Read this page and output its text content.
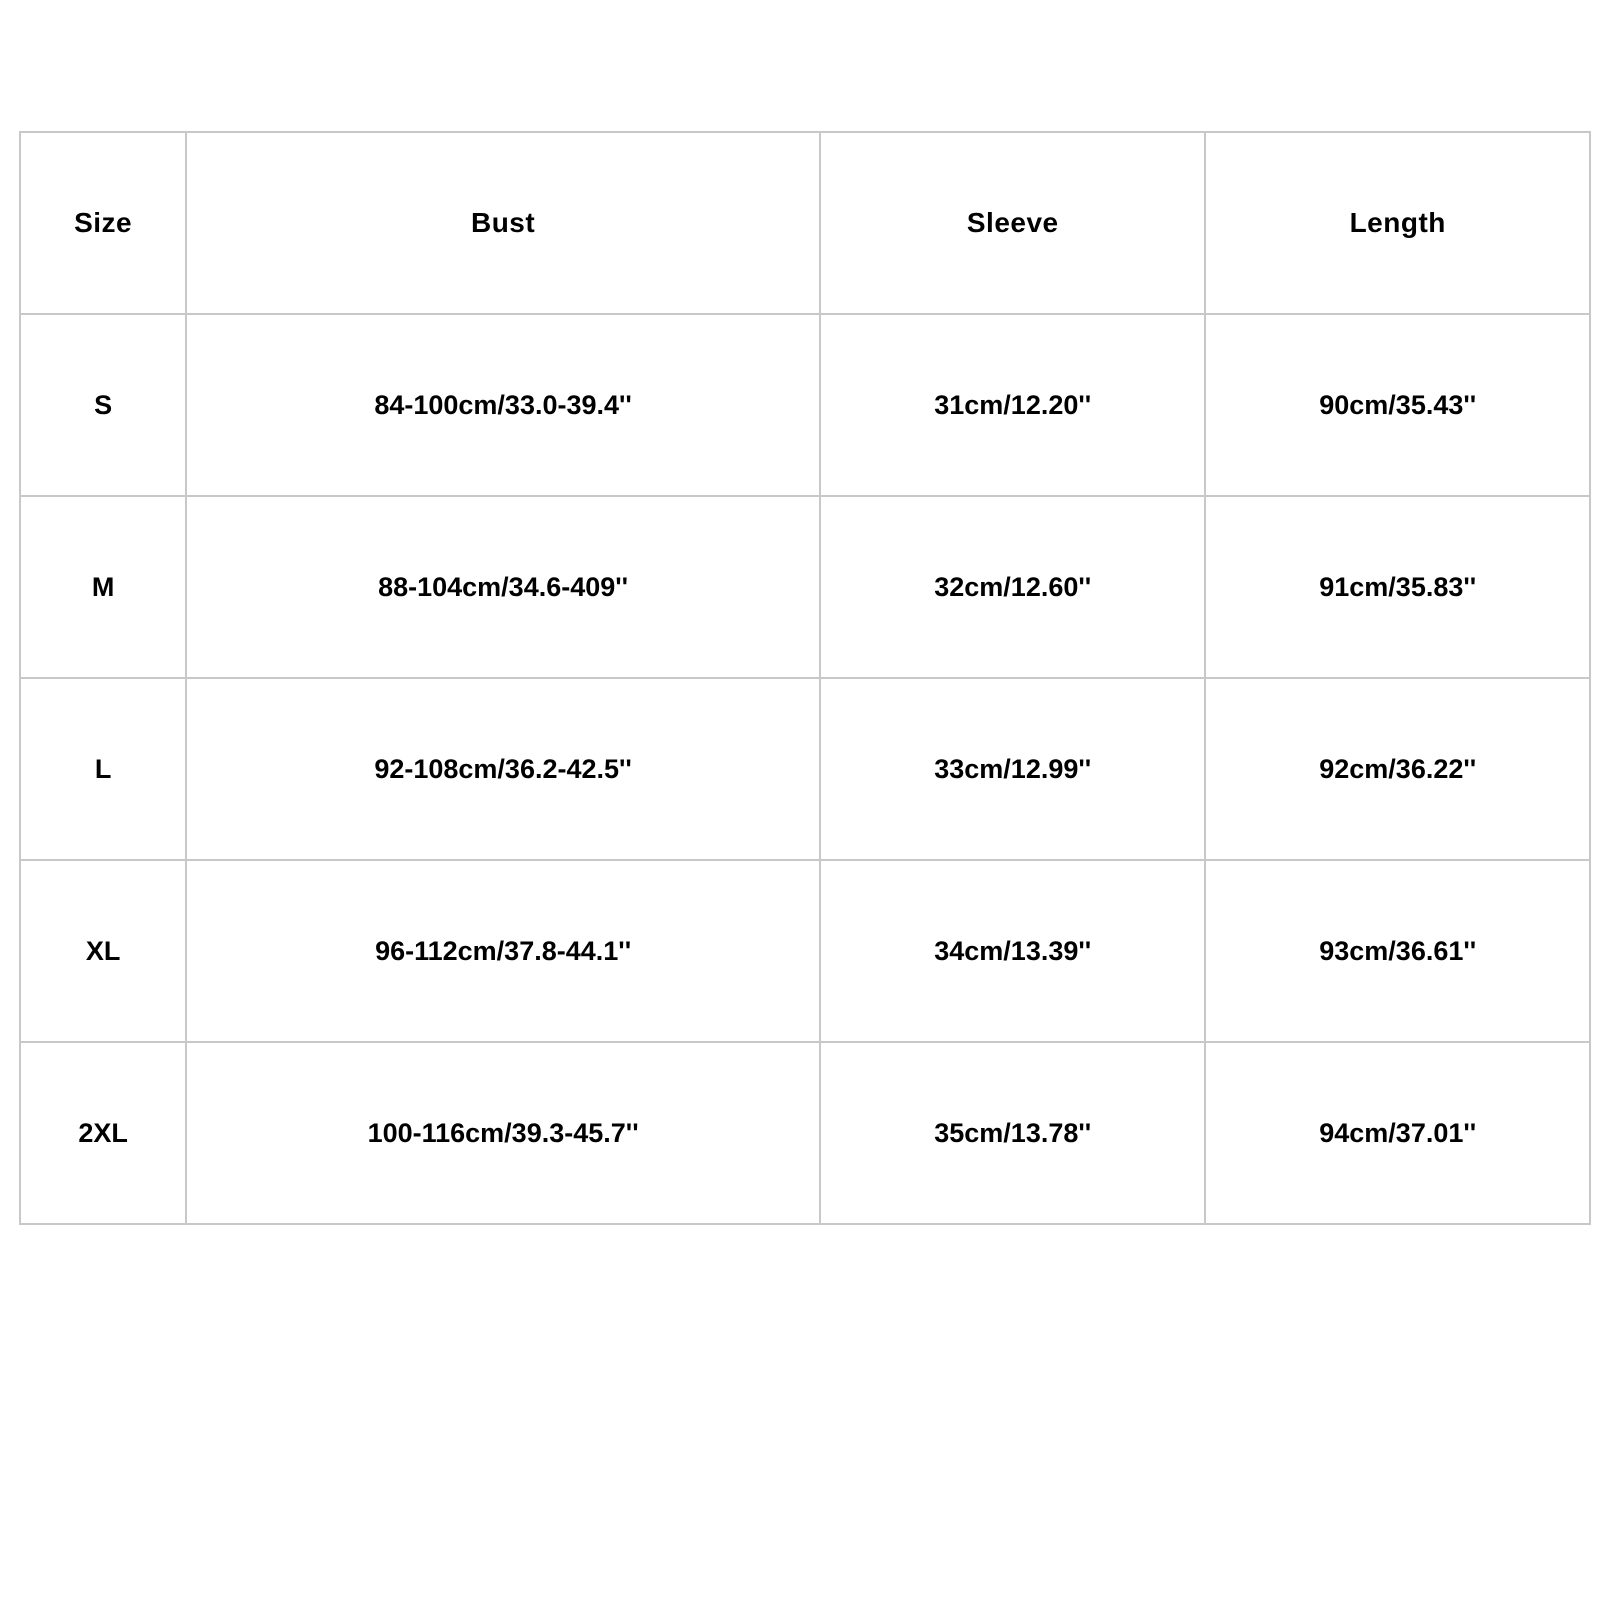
Size	Bust	Sleeve	Length
S	84-100cm/33.0-39.4''	31cm/12.20''	90cm/35.43''
M	88-104cm/34.6-409''	32cm/12.60''	91cm/35.83''
L	92-108cm/36.2-42.5''	33cm/12.99''	92cm/36.22''
XL	96-112cm/37.8-44.1''	34cm/13.39''	93cm/36.61''
2XL	100-116cm/39.3-45.7''	35cm/13.78''	94cm/37.01''
